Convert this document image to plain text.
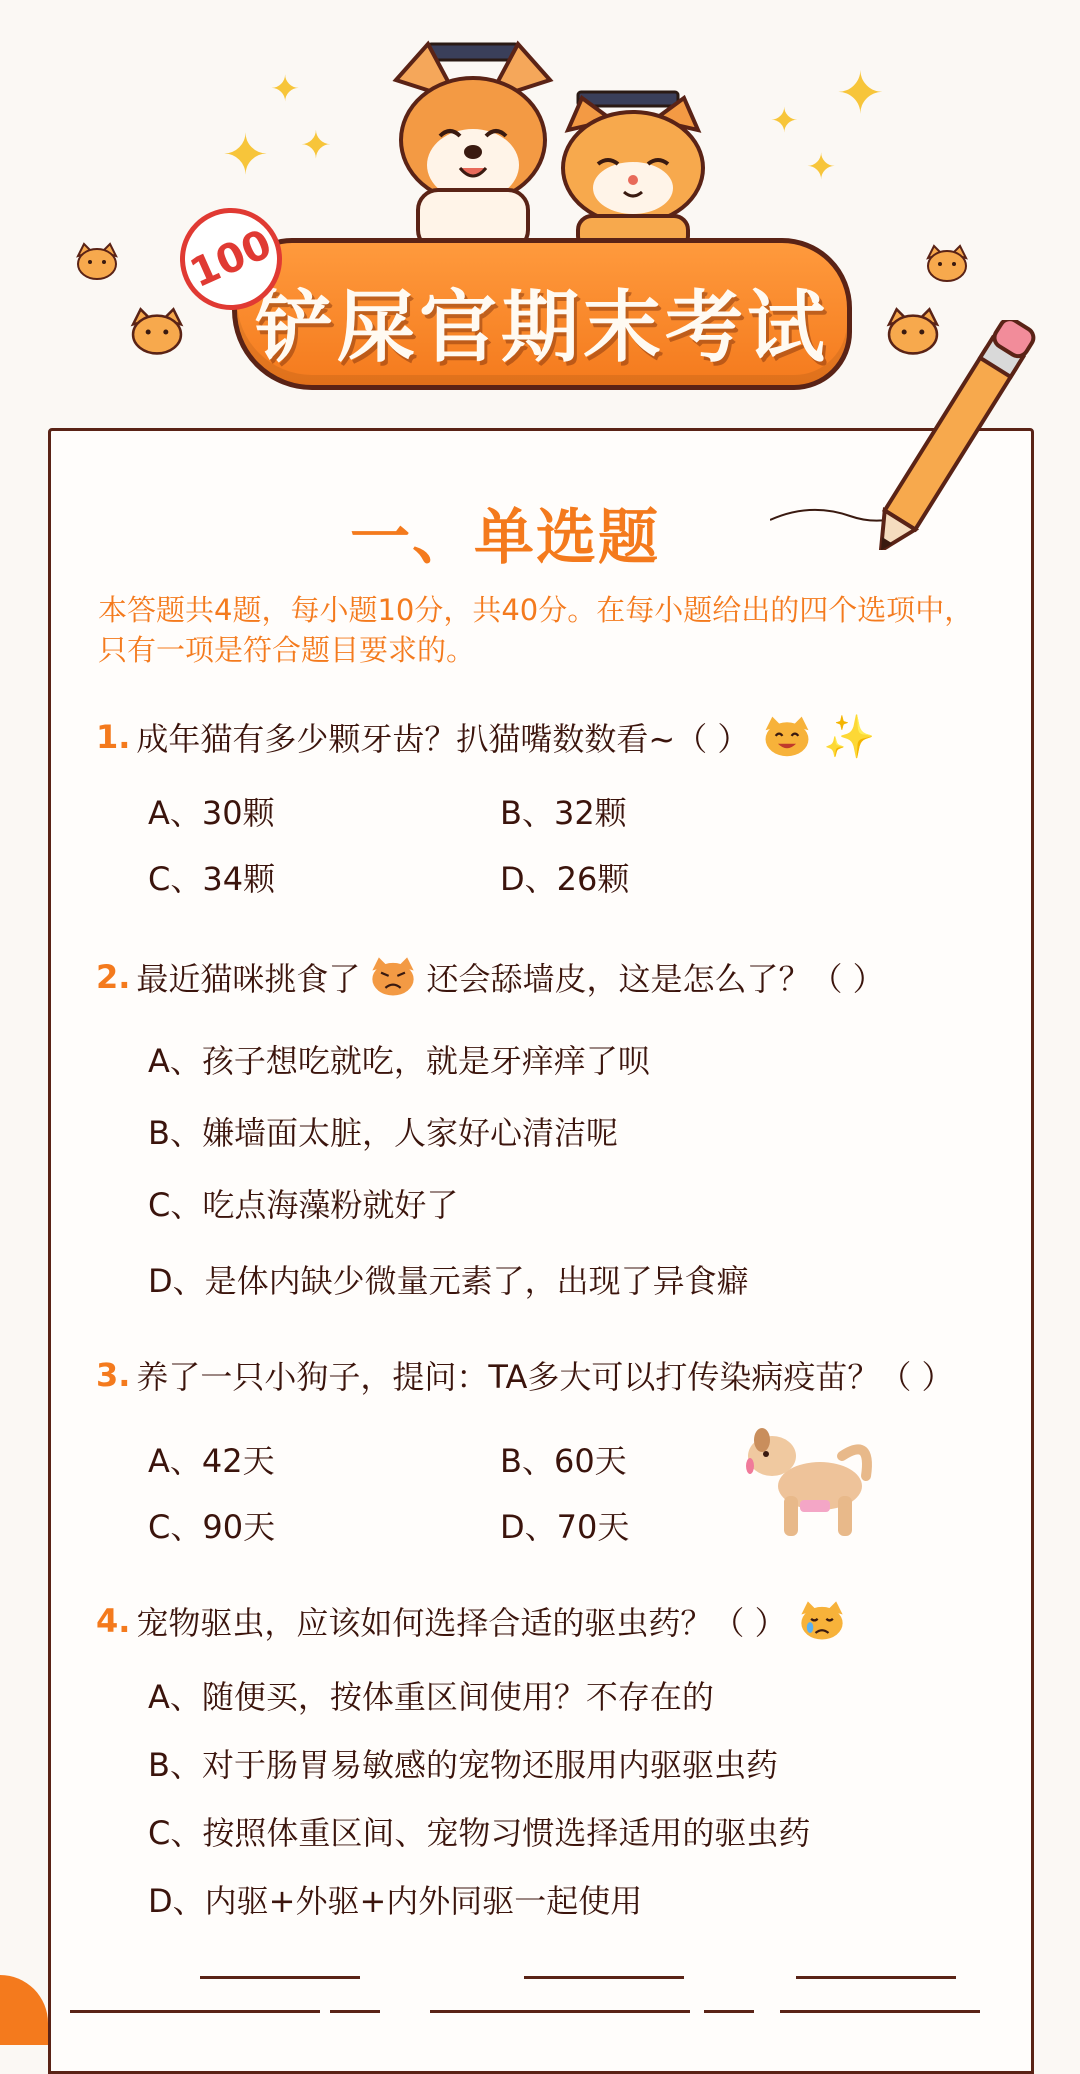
✦
✦ ✦
✦ ✦
✦
铲屎官期末考试
100
一、单选题
本答题共4题，每小题10分，共40分。在每小题给出的四个选项中，只有一项是符合题目要求的。
1. 成年猫有多少颗牙齿？扒猫嘴数数看~（ ） ✨
A、30颗	B、32颗
C、34颗	D、26颗
2. 最近猫咪挑食了 还会舔墙皮，这是怎么了？（ ）
A、孩子想吃就吃，就是牙痒痒了呗
B、嫌墙面太脏，人家好心清洁呢
C、吃点海藻粉就好了
D、是体内缺少微量元素了，出现了异食癖
3. 养了一只小狗子，提问：TA多大可以打传染病疫苗？（ ）
A、42天	B、60天
C、90天	D、70天
4. 宠物驱虫，应该如何选择合适的驱虫药？（ ）
A、随便买，按体重区间使用？不存在的
B、对于肠胃易敏感的宠物还服用内驱驱虫药
C、按照体重区间、宠物习惯选择适用的驱虫药
D、内驱+外驱+内外同驱一起使用
